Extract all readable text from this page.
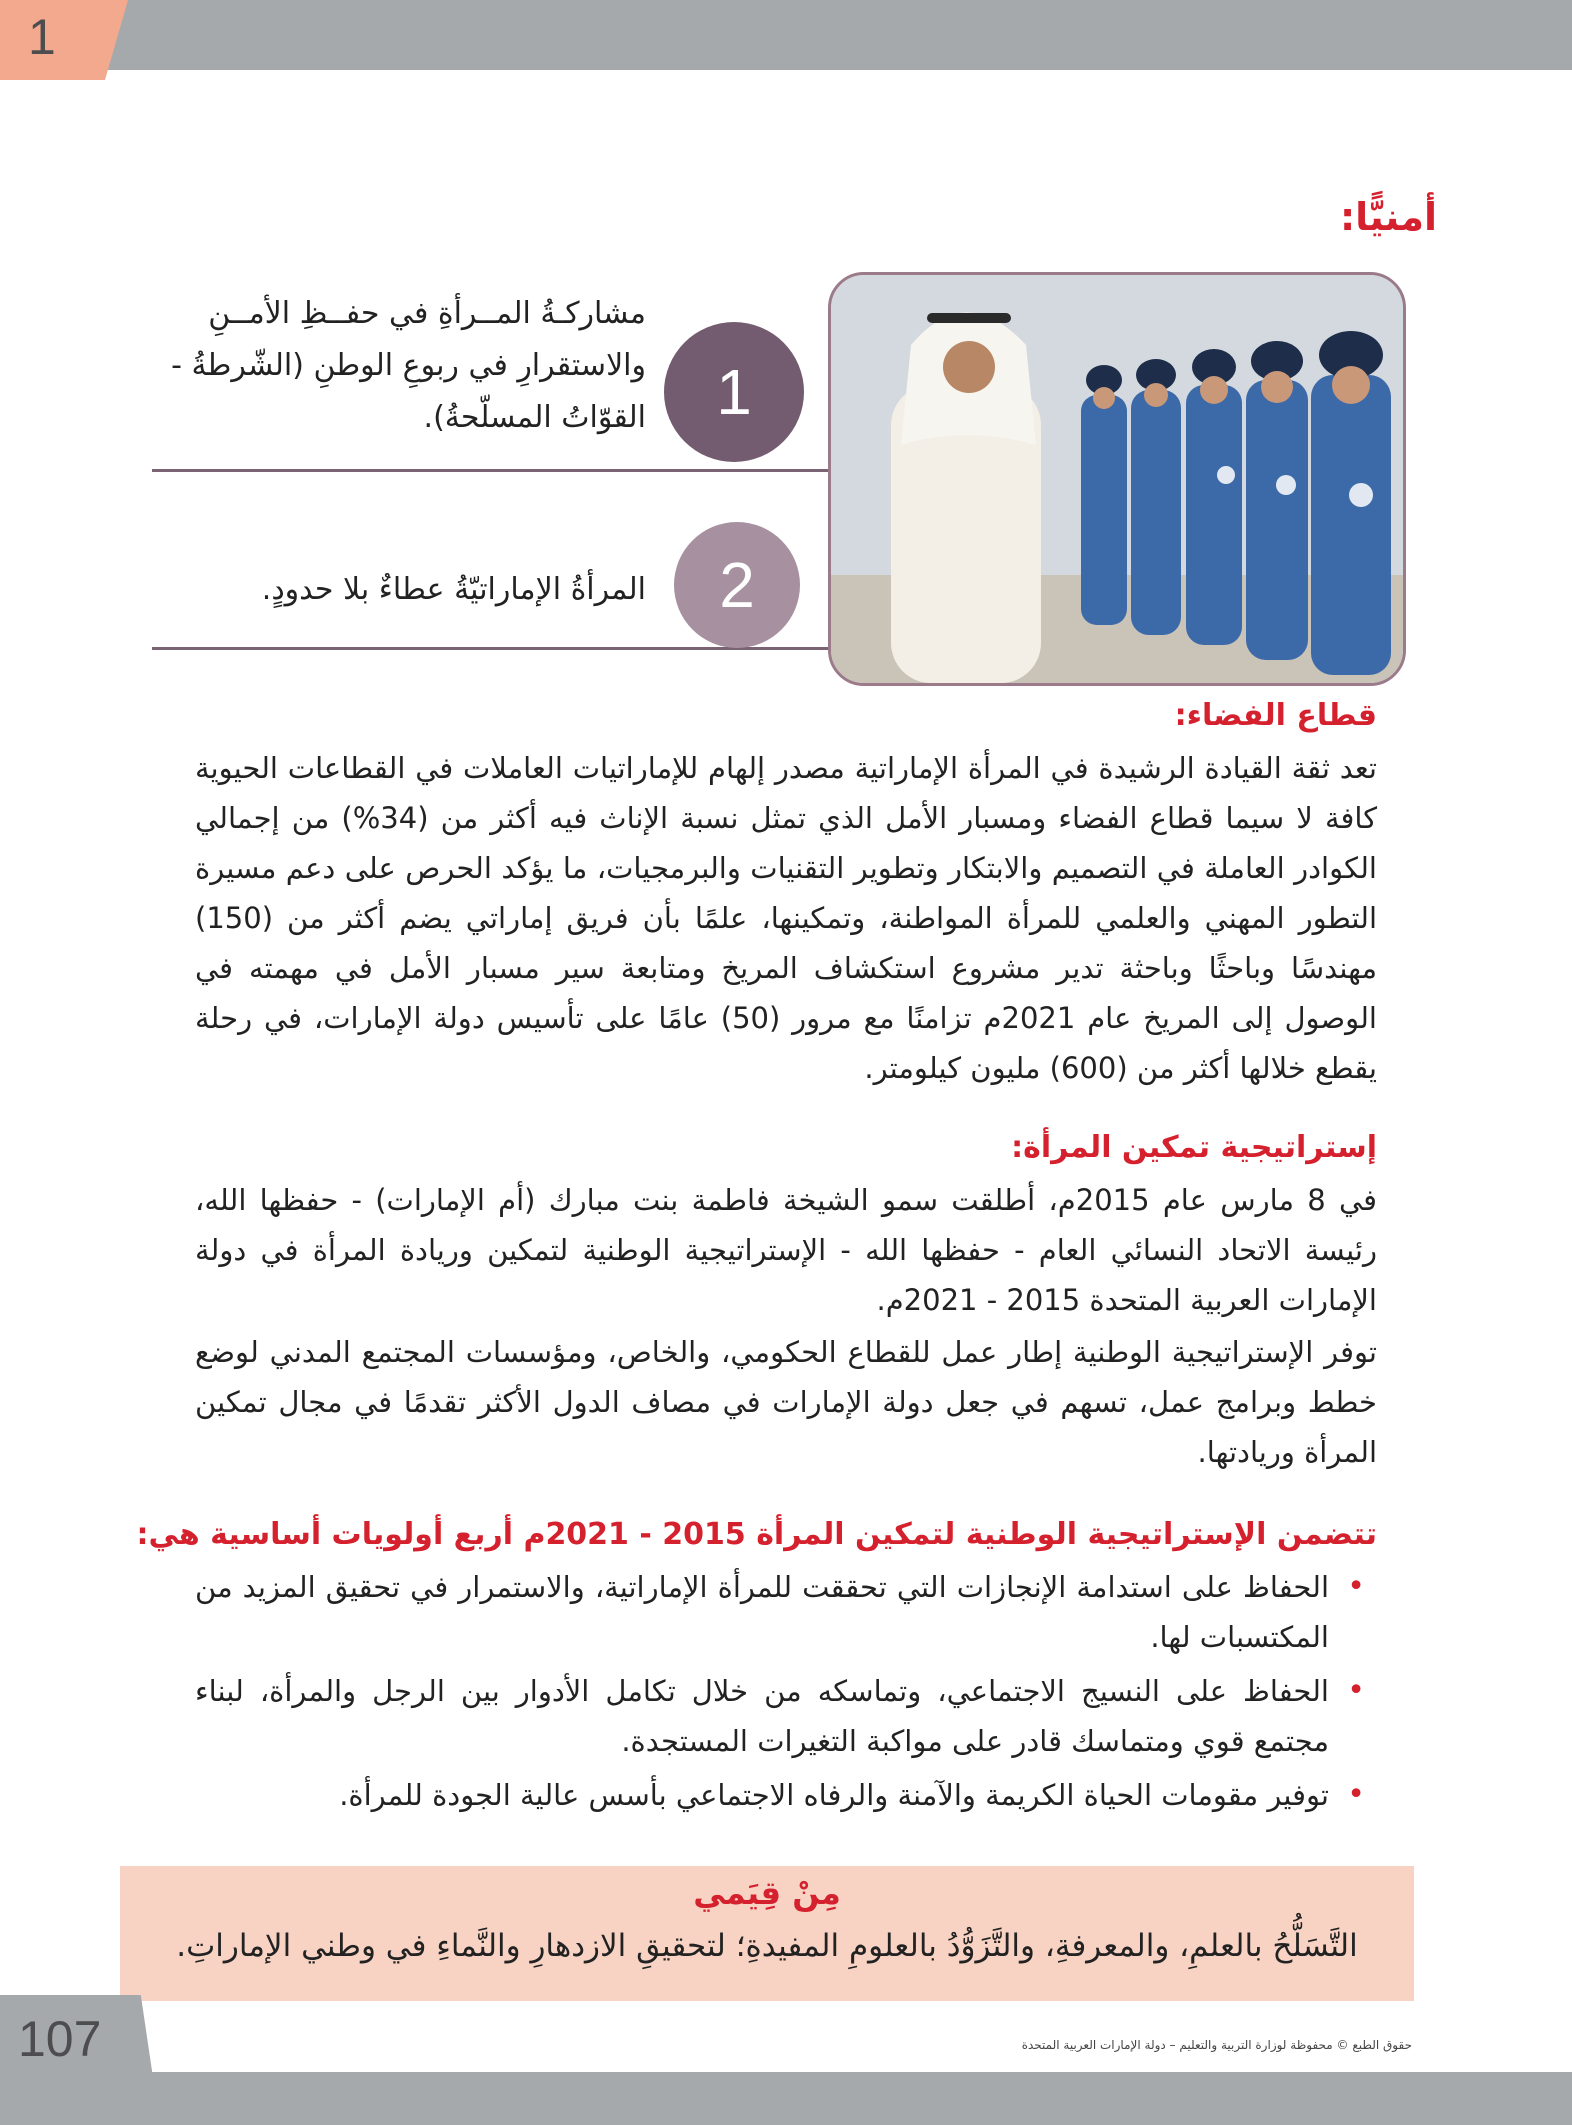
1
أمنيًّا:
1
مشاركـةُ المــرأةِ في حفــظِ الأمــنِ والاستقرارِ في ربوعِ الوطنِ (الشّرطةُ - القوّاتُ المسلّحةُ).
2
المرأةُ الإماراتيّةُ عطاءٌ بلا حدودٍ.
قطاع الفضاء:
تعد ثقة القيادة الرشيدة في المرأة الإماراتية مصدر إلهام للإماراتيات العاملات في القطاعات الحيوية كافة لا سيما قطاع الفضاء ومسبار الأمل الذي تمثل نسبة الإناث فيه أكثر من (34%) من إجمالي الكوادر العاملة في التصميم والابتكار وتطوير التقنيات والبرمجيات، ما يؤكد الحرص على دعم مسيرة التطور المهني والعلمي للمرأة المواطنة، وتمكينها، علمًا بأن فريق إماراتي يضم أكثر من (150) مهندسًا وباحثًا وباحثة تدير مشروع استكشاف المريخ ومتابعة سير مسبار الأمل في مهمته في الوصول إلى المريخ عام 2021م تزامنًا مع مرور (50) عامًا على تأسيس دولة الإمارات، في رحلة يقطع خلالها أكثر من (600) مليون كيلومتر.
إستراتيجية تمكين المرأة:
في 8 مارس عام 2015م، أطلقت سمو الشيخة فاطمة بنت مبارك (أم الإمارات) - حفظها الله، رئيسة الاتحاد النسائي العام - حفظها الله - الإستراتيجية الوطنية لتمكين وريادة المرأة في دولة الإمارات العربية المتحدة 2015 - 2021م.
توفر الإستراتيجية الوطنية إطار عمل للقطاع الحكومي، والخاص، ومؤسسات المجتمع المدني لوضع خطط وبرامج عمل، تسهم في جعل دولة الإمارات في مصاف الدول الأكثر تقدمًا في مجال تمكين المرأة وريادتها.
تتضمن الإستراتيجية الوطنية لتمكين المرأة 2015 - 2021م أربع أولويات أساسية هي:
•
الحفاظ على استدامة الإنجازات التي تحققت للمرأة الإماراتية، والاستمرار في تحقيق المزيد من المكتسبات لها.
•
الحفاظ على النسيج الاجتماعي، وتماسكه من خلال تكامل الأدوار بين الرجل والمرأة، لبناء مجتمع قوي ومتماسك قادر على مواكبة التغيرات المستجدة.
•
توفير مقومات الحياة الكريمة والآمنة والرفاه الاجتماعي بأسس عالية الجودة للمرأة.
مِنْ قِيَمي
التَّسَلُّحُ بالعلمِ، والمعرفةِ، والتَّزَوُّدُ بالعلومِ المفيدةِ؛ لتحقيقِ الازدهارِ والنَّماءِ في وطني الإماراتِ.
107	حقوق الطبع © محفوظة لوزارة التربية والتعليم – دولة الإمارات العربية المتحدة
